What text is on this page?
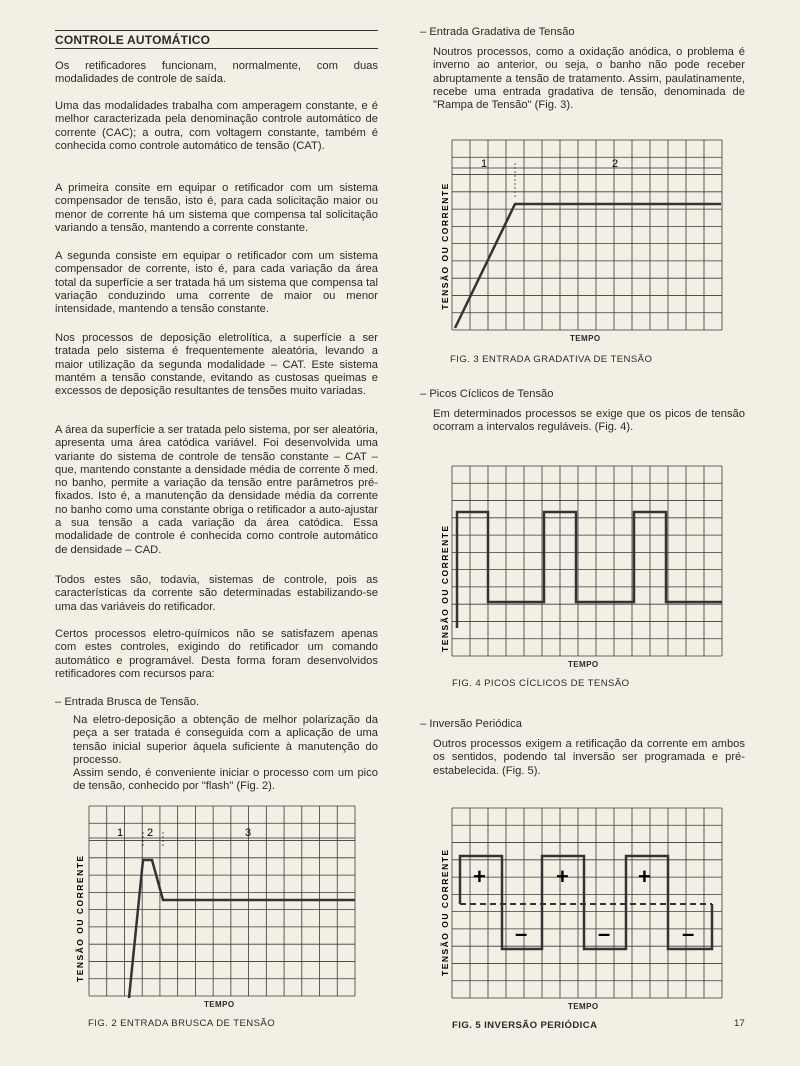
CONTROLE AUTOMÁTICO

Os retificadores funcionam, normalmente, com duas modalidades de controle de saída.

Uma das modalidades trabalha com amperagem constante, e é melhor caracterizada pela denominação controle automático de corrente (CAC); a outra, com voltagem constante, também é conhecida como controle automático de tensão (CAT).

A primeira consite em equipar o retificador com um sistema compensador de tensão, isto é, para cada solicitação maior ou menor de corrente há um sistema que compensa tal solicitação variando a tensão, mantendo a corrente constante.

A segunda consiste em equipar o retificador com um sistema compensador de corrente, isto é, para cada variação da área total da superfície a ser tratada há um sistema que compensa tal variação conduzindo uma corrente de maior ou menor intensidade, mantendo a tensão constante.

Nos processos de deposição eletrolítica, a superfície a ser tratada pelo sistema é frequentemente aleatória, levando a maior utilização da segunda modalidade – CAT. Este sistema mantém a tensão constande, evitando as custosas queimas e excessos de deposição resultantes de tensões muito variadas.

A área da superfície a ser tratada pelo sistema, por ser aleatória, apresenta uma área catódica variável. Foi desenvolvida uma variante do sistema de controle de tensão constante – CAT – que, mantendo constante a densidade média de corrente δ med. no banho, permite a variação da tensão entre parâmetros pré-fixados. Isto é, a manutenção da densidade média da corrente no banho como uma constante obriga o retificador a auto-ajustar a sua tensão a cada variação da área catódica. Essa modalidade de controle é conhecida como controle automático de densidade – CAD.

Todos estes são, todavia, sistemas de controle, pois as características da corrente são determinadas estabilizando-se uma das variáveis do retificador.

Certos processos eletro-químicos não se satisfazem apenas com estes controles, exigindo do retificador um comando automático e programável. Desta forma foram desenvolvidos retificadores com recursos para:

– Entrada Brusca de Tensão.

Na eletro-deposição a obtenção de melhor polarização da peça a ser tratada é conseguida com a aplicação de uma tensão inicial superior àquela suficiente à manutenção do processo.

Assim sendo, é conveniente iniciar o processo com um pico de tensão, conhecido por "flash" (Fig. 2).

– Entrada Gradativa de Tensão

Noutros processos, como a oxidação anódica, o problema é inverno ao anterior, ou seja, o banho não pode receber abruptamente a tensão de tratamento. Assim, paulatinamente, recebe uma entrada gradativa de tensão, denominada de "Rampa de Tensão" (Fig. 3).

– Picos Cíclicos de Tensão

Em determinados processos se exige que os picos de tensão ocorram a intervalos reguláveis. (Fig. 4).

– Inversão Periódica

Outros processos exigem a retificação da corrente em ambos os sentidos, podendo tal inversão ser programada e pré- estabelecida. (Fig. 5).

TENSÃO OU CORRENTE
1	2
TEMPO
FIG. 3 ENTRADA GRADATIVA DE TENSÃO
TENSÃO OU CORRENTE
TEMPO
FIG. 4 PICOS CÍCLICOS DE TENSÃO
TENSÃO OU CORRENTE +	+	+
–	–	–
TEMPO
FIG. 5 INVERSÃO PERIÓDICA
TENSÃO OU CORRENTE
1 2	3
TEMPO
FIG. 2 ENTRADA BRUSCA DE TENSÃO	17
